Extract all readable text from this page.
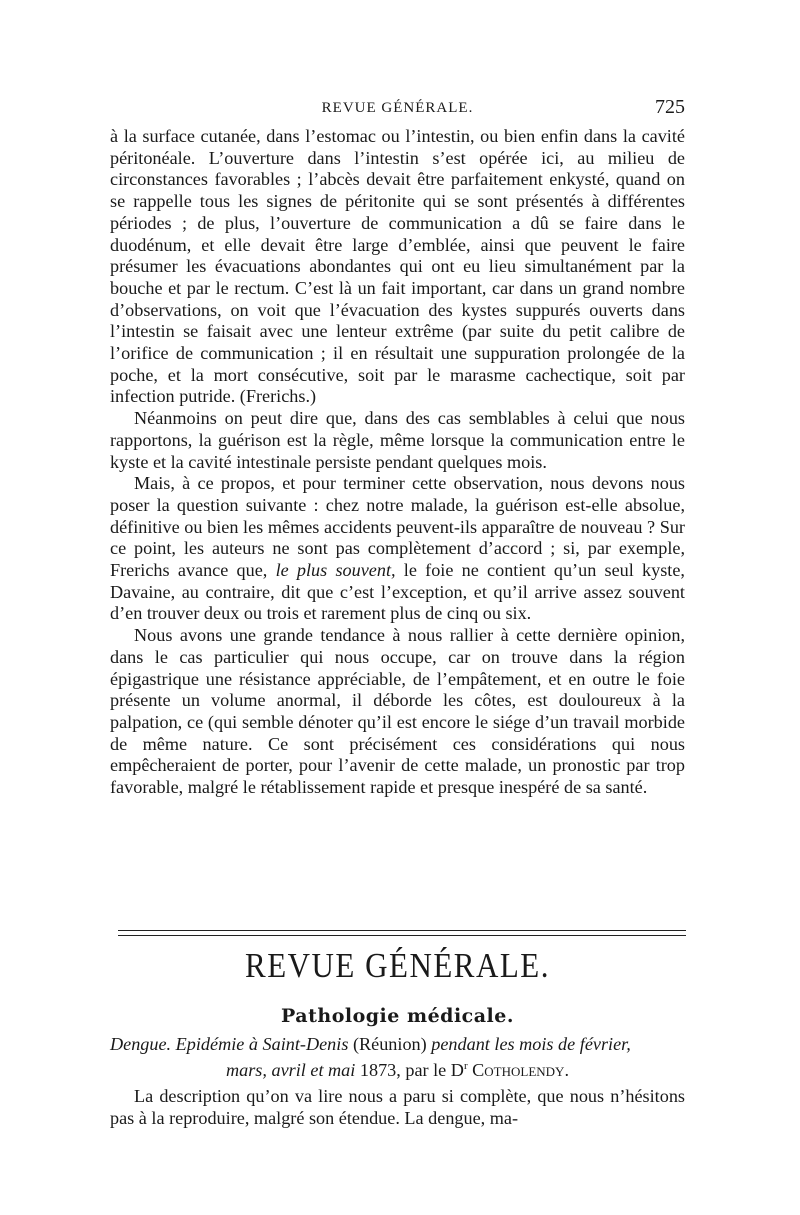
REVUE GÉNÉRALE.	725

à la surface cutanée, dans l’estomac ou l’intestin, ou bien enfin dans la cavité péritonéale. L’ouverture dans l’intestin s’est opérée ici, au milieu de circonstances favorables ; l’abcès devait être parfaitement enkysté, quand on se rappelle tous les signes de péritonite qui se sont présentés à différentes périodes ; de plus, l’ouverture de communication a dû se faire dans le duodénum, et elle devait être large d’emblée, ainsi que peuvent le faire présumer les évacuations abondantes qui ont eu lieu simultanément par la bouche et par le rectum. C’est là un fait important, car dans un grand nombre d’observations, on voit que l’évacuation des kystes suppurés ouverts dans l’intestin se faisait avec une lenteur extrême (par suite du petit calibre de l’orifice de communication ; il en résultait une suppuration prolongée de la poche, et la mort consécutive, soit par le marasme cachectique, soit par infection putride. (Frerichs.)

Néanmoins on peut dire que, dans des cas semblables à celui que nous rapportons, la guérison est la règle, même lorsque la communication entre le kyste et la cavité intestinale persiste pendant quelques mois.

Mais, à ce propos, et pour terminer cette observation, nous devons nous poser la question suivante : chez notre malade, la guérison est-elle absolue, définitive ou bien les mêmes accidents peuvent-ils apparaître de nouveau ? Sur ce point, les auteurs ne sont pas complètement d’accord ; si, par exemple, Frerichs avance que, le plus souvent, le foie ne contient qu’un seul kyste, Davaine, au contraire, dit que c’est l’exception, et qu’il arrive assez souvent d’en trouver deux ou trois et rarement plus de cinq ou six.

Nous avons une grande tendance à nous rallier à cette dernière opinion, dans le cas particulier qui nous occupe, car on trouve dans la région épigastrique une résistance appréciable, de l’empâtement, et en outre le foie présente un volume anormal, il déborde les côtes, est douloureux à la palpation, ce (qui semble dénoter qu’il est encore le siége d’un travail morbide de même nature. Ce sont précisément ces considérations qui nous empêcheraient de porter, pour l’avenir de cette malade, un pronostic par trop favorable, malgré le rétablissement rapide et presque inespéré de sa santé.

REVUE GÉNÉRALE.
Pathologie médicale.
Dengue. Epidémie à Saint-Denis (Réunion) pendant les mois de février,
mars, avril et mai 1873, par le $D^r$ Cotholendy.

La description qu’on va lire nous a paru si complète, que nous n’hésitons pas à la reproduire, malgré son étendue. La dengue, ma-
